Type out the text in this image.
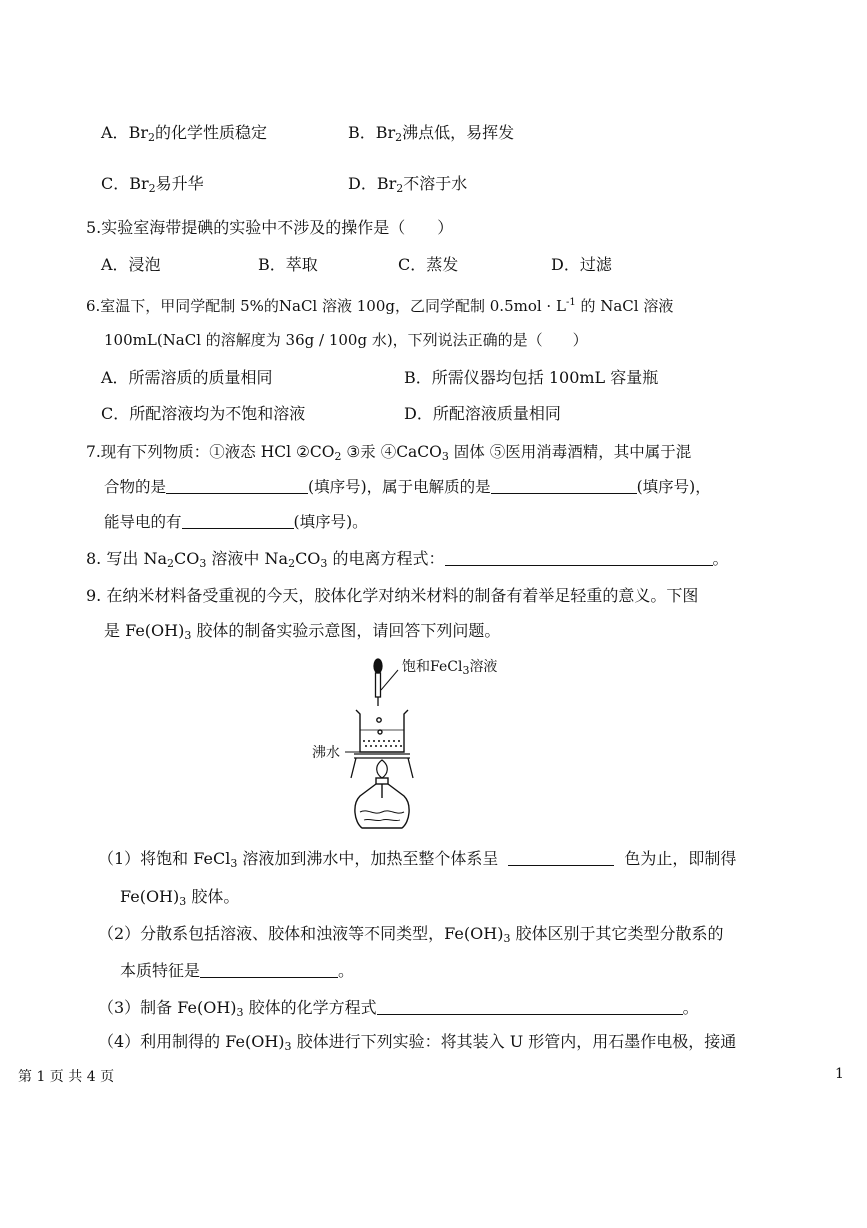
A．Br2的化学性质稳定	B．Br2沸点低，易挥发
C．Br2易升华	D．Br2不溶于水
5.实验室海带提碘的实验中不涉及的操作是（　　）
A．浸泡	B．萃取	C．蒸发	D．过滤
6.室温下，甲同学配制 5%的NaCl 溶液 100g，乙同学配制 $0.5mol \cdot L^{-1}$ 的 NaCl 溶液
100mL(NaCl 的溶解度为 36g / 100g 水)，下列说法正确的是（　　）
A．所需溶质的质量相同	B．所需仪器均包括 100mL 容量瓶
C．所配溶液均为不饱和溶液	D．所配溶液质量相同
7.现有下列物质：①液态 HCl ②CO2 ③汞 ④CaCO3 固体 ⑤医用消毒酒精，其中属于混
合物的是	(填序号)，属于电解质的是	(填序号)，
能导电的有	(填序号)。
8. 写出 Na2CO3 溶液中 Na2CO3 的电离方程式：	。
9. 在纳米材料备受重视的今天，胶体化学对纳米材料的制备有着举足轻重的意义。下图
是 Fe(OH)3 胶体的制备实验示意图，请回答下列问题。
饱和FeCl$_3$溶液
沸水
（1）将饱和 FeCl3 溶液加到沸水中，加热至整个体系呈	色为止，即制得
Fe(OH)3 胶体。
（2）分散系包括溶液、胶体和浊液等不同类型，Fe(OH)3 胶体区别于其它类型分散系的
本质特征是	。
（3）制备 Fe(OH)3 胶体的化学方程式	。
（4）利用制得的 Fe(OH)3 胶体进行下列实验：将其装入 U 形管内，用石墨作电极，接通
第 1 页 共 4 页	1
